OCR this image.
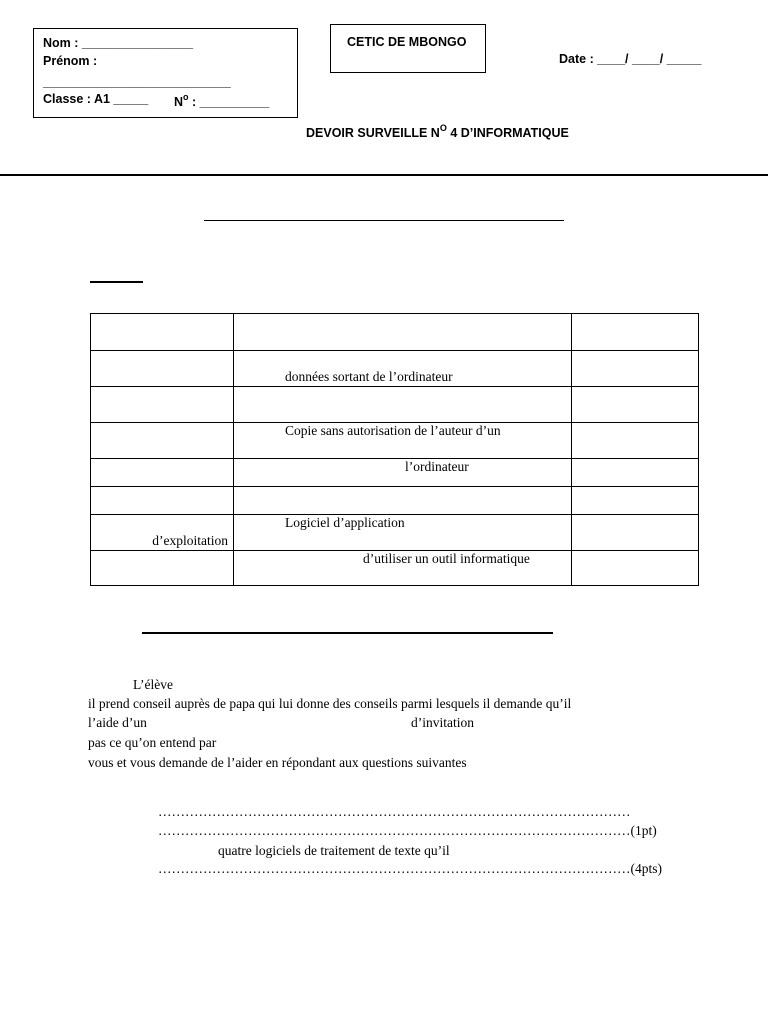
Nom : ________________
Prénom :
___________________________
Classe : A1 _____ $N^o$ : __________
CETIC DE MBONGO
Date : ____/ ____/ _____
DEVOIR SURVEILLE $N^O$ 4 D’INFORMATIQUE

	données sortant de l’ordinateur	

	Copie sans autorisation de l’auteur d’un	

	l’ordinateur	

d’exploitation	Logiciel d’application	

	d’utiliser un outil informatique	

L’élève
il prend conseil auprès de papa qui lui donne des conseils parmi lesquels il demande qu’il
l’aide d’un	d’invitation
pas ce qu’on entend par
vous et vous demande de l’aider en répondant aux questions suivantes
……………………………………………………………………………………………
……………………………………………………………………………………………(1pt)
quatre logiciels de traitement de texte qu’il
……………………………………………………………………………………………(4pts)
